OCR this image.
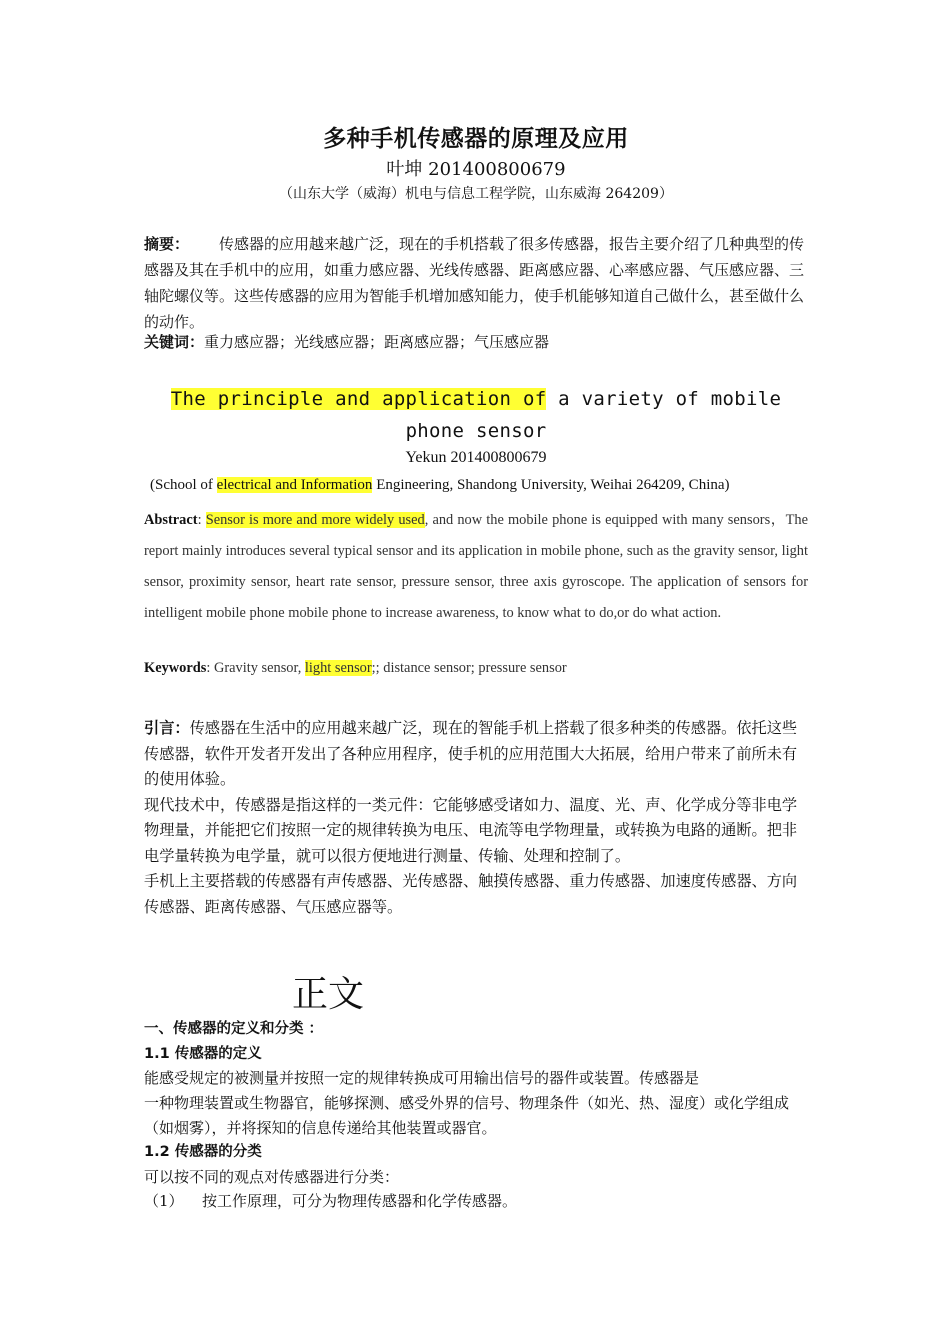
多种手机传感器的原理及应用
叶坤 201400800679
（山东大学（威海）机电与信息工程学院，山东威海 264209）
摘要： 传感器的应用越来越广泛，现在的手机搭载了很多传感器，报告主要介绍了几种典型的传感器及其在手机中的应用，如重力感应器、光线传感器、距离感应器、心率感应器、气压感应器、三轴陀螺仪等。这些传感器的应用为智能手机增加感知能力，使手机能够知道自己做什么，甚至做什么的动作。
关键词：重力感应器；光线感应器；距离感应器；气压感应器
The principle and application of a variety of mobile phone sensor
Yekun 201400800679
(School of electrical and Information Engineering, Shandong University, Weihai 264209, China)
Abstract: Sensor is more and more widely used, and now the mobile phone is equipped with many sensors，The report mainly introduces several typical sensor and its application in mobile phone, such as the gravity sensor, light sensor, proximity sensor, heart rate sensor, pressure sensor, three axis gyroscope. The application of sensors for intelligent mobile phone mobile phone to increase awareness, to know what to do,or do what action.
Keywords: Gravity sensor, light sensor;; distance sensor; pressure sensor

引言：传感器在生活中的应用越来越广泛，现在的智能手机上搭载了很多种类的传感器。依托这些传感器，软件开发者开发出了各种应用程序，使手机的应用范围大大拓展，给用户带来了前所未有的使用体验。

现代技术中，传感器是指这样的一类元件：它能够感受诸如力、温度、光、声、化学成分等非电学物理量，并能把它们按照一定的规律转换为电压、电流等电学物理量，或转换为电路的通断。把非电学量转换为电学量，就可以很方便地进行测量、传输、处理和控制了。

手机上主要搭载的传感器有声传感器、光传感器、触摸传感器、重力传感器、加速度传感器、方向传感器、距离传感器、气压感应器等。

正文
一、传感器的定义和分类 ：
1.1 传感器的定义

能感受规定的被测量并按照一定的规律转换成可用输出信号的器件或装置。传感器是

一种物理装置或生物器官，能够探测、感受外界的信号、物理条件（如光、热、湿度）或化学组成（如烟雾），并将探知的信息传递给其他装置或器官。

1.2 传感器的分类
可以按不同的观点对传感器进行分类：
（1） 按工作原理，可分为物理传感器和化学传感器。
